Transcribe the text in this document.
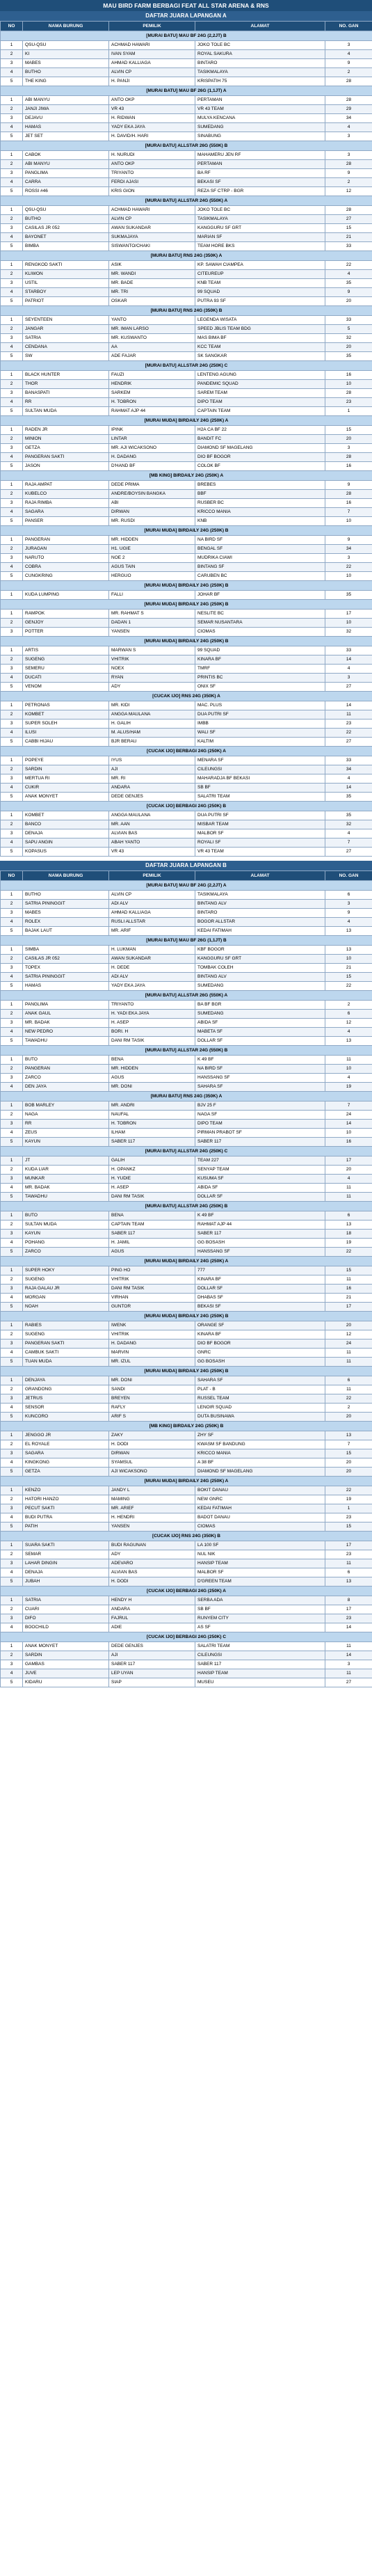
MAU BIRD FARM BERBAGI FEAT ALL STAR ARENA & RNS
DAFTAR JUARA LAPANGAN A
NO	NAMA BURUNG	PEMILIK	ALAMAT	NO. GAN
[MURAI BATU] MAU BF 24G (2,2JT) B				
1	QSU-QSU	ACHMAD HAWARI	JOKO TOLE BC	3
2	KI	IVAN SYAM	ROYAL SAKURA	4
3	MABES	AHMAD KALLIAGA	BINTARO	9
4	BUTHO	ALVIN CP	TASIKMALAYA	2
5	THE KING	H. PANJI	KRISPATIH 75	28
[MURAI BATU] MAU BF 26G (1,1JT) A				
1	ABI MANYU	ANTO OKP	PERTAMAN	28
2	JANJI JIWA	VR 43	VR 43 TEAM	29
3	DEJAVU	H. RIDWAN	MULYA KENCANA	34
4	HAMAS	YADY EKA JAYA	SUMEDANG	4
5	JET SET	H. DAVID/H. HARI	SINABUNG	3
[MURAI BATU] ALLSTAR 26G (550K) B				
1	CABOK	H. NURUDI	MAHAMERU JEN RF	3
2	ABI MANYU	ANTO OKP	PERTAMAN	28
3	PANGLIMA	TRIYANTO	BA RF	9
4	CARRA	FERDI AJASI	BEKASI SF	2
5	ROSSI #46	KRIS GION	REZA SF CTRP - BGR	12
[MURAI BATU] ALLSTAR 24G (550K) A				
1	QSU-QSU	ACHMAD HAWARI	JOKO TOLE BC	28
2	BUTHO	ALVIN CP	TASIKMALAYA	27
3	CASILAS JR 052	AWAN SUKANDAR	KANGGURU SF GRT	15
4	BAYONET	SUKMAJAYA	MARIAN SF	21
5	BIMBA	SISWANTO/CHAKI	TEAM HORE BKS	33
[MURAI BATU] RNS 24G (350K) A				
1	RENGKOD SAKTI	ASIK	KP. SAWAH CIAMPEA	22
2	KLIWON	MR. WANDI	CITEUREUP	4
3	USTIL	MR. BADE	KNB TEAM	35
4	STARBOY	MR. TRI	99 SQUAD	9
5	PATRIOT	OSKAR	PUTRA 93 SF	20
[MURAI BATU] RNS 24G (350K) B				
1	SEYENTEEN	YANTO	LEGENDA WISATA	33
2	JANGAR	MR. IMAN LARSO	SPEED JBLIS TEAM BDG	5
3	SATRIA	MR. KUSWANTO	MAS BIMA BF	32
4	CENDANA	AA	KCC TEAM	20
5	SW	ADE FAJAR	SK SANGKAR	35
[MURAI BATU] ALLSTAR 24G (250K) C				
1	BLACK HUNTER	FAUZI	LENTENG AGUNG	16
2	THOR	HENDRIK	PANDEMIC SQUAD	10
3	BANASPATI	SARKEM	SAREM TEAM	28
4	RR	H. TOBRON	DIPO TEAM	23
5	SULTAN MUDA	RAHMAT AJP 44	CAPTAIN TEAM	1
[MURAI MUDA] BIRDAILY 24G (250K) A				
1	RADEN JR	IPINK	H2A CA BF 22	15
2	MINION	LINTAR	BANDIT FC	20
3	GETZA	MR. AJI WICAKSONO	DIAMOND SF MAGELANG	3
4	PANGERAN SAKTI	H. DADANG	DIO BF BOGOR	28
5	JASON	D'HAND BF	COLOK BF	16
[MB KING] BIRDAILY 24G (250K) A				
1	RAJA AMPAT	DEDE PRIMA	BREBES	9
2	KUBELCO	ANDRE/BOYSIN BANGKA	BBF	28
3	RAJA RIMBA	ABI	RUSBER BC	16
4	SAGARA	DIRWAN	KRICCO MANIA	7
5	PANSER	MR. RUSDI	KNB	10
[MURAI MUDA] BIRDAILY 24G (250K) B				
1	PANGERAN	MR. HIDDEN	NA BIRD SF	9
2	JURAGAN	H1. UGIE	BENGAL SF	34
3	NARUTO	NOE 2	MUDRIKA CIAWI	3
4	COBRA	AGUS TAIN	BINTANG SF	22
5	CUNGKRING	HERGUO	CARUBEN BC	10
[MURAI MUDA] BIRDAILY 24G (250K) B				
1	KUDA LUMPING	FALLI	JOHAR BF	35
[MURAI MUDA] BIRDAILY 24G (250K) B				
1	RAMPOK	MR. RAHMAT S	NESLITE BC	17
2	GENJOY	DADAN 1	SEMAR NUSANTARA	10
3	POTTER	YANSEN	CIOMAS	32
[MURAI MUDA] BIRDAILY 24G (250K) B				
1	ARTIS	MARWAN S	99 SQUAD	33
2	SUGENG	VHITRIK	KINARA BF	14
3	SEMERU	NOEX	TMRF	4
4	DUCATI	RYAN	PRINTIS BC	3
5	VENOM	ADY	ONIX SF	27
[CUCAK IJO] RNS 24G (350K) A				
1	PETRONAS	MR. KIDI	MAC. PLUS	14
2	KOMBET	ANGGA MAULANA	DUA PUTRI SF	11
3	SUPER SOLEH	H. GALIH	IMBB	23
4	ILUSI	M. ALUS/HAM	WALI SF	22
5	CABBI HIJAU	BJR BERAU	KALTIM	27
[CUCAK IJO] BERBAGI 24G (250K) A				
1	POPEYE	IYUS	MENARA SF	33
2	SARDIN	AJI	CILEUNGSI	34
3	MERTUA RI	MR. RI	MAHARADJA BF BEKASI	4
4	CUKIR	ANDARA	SB BF	14
5	ANAK MONYET	DEDE GENJES	SALATRI TEAM	35
[CUCAK IJO] BERBAGI 24G (250K) B				
1	KOMBET	ANGGA MAULANA	DUA PUTRI SF	35
2	BANCO	MR. AAN	MISBAR TEAM	32
3	DENAJA	ALVIAN BAS	MALBOR SF	4
4	SAPU ANGIN	ABAH YANTO	ROYALI SF	7
5	KOPASUS	VR 43	VR 43 TEAM	27
DAFTAR JUARA LAPANGAN B
NO	NAMA BURUNG	PEMILIK	ALAMAT	NO. GAN
[MURAI BATU] MAU BF 24G (2,2JT) A				
1	BUTHO	ALVIN CP	TASIKMALAYA	6
2	SATRIA PININGGIT	ADI ALV	BINTANG ALV	3
3	MABES	AHMAD KALLIAGA	BINTARO	9
4	ROLEX	RUSLI ALLSTAR	BOGOR ALLSTAR	4
5	BAJAK LAUT	MR. ARIF	KEDAI FATIMAH	13
[MURAI BATU] MAU BF 26G (1,1JT) B				
1	SIMBA	H. LUKMAN	KBF BOGOR	13
2	CASILAS JR 052	AWAN SUKANDAR	KANGGURU SF GRT	10
3	TOPEX	H. DEDE	TOMBAK COLEH	21
4	SATRIA PININGGIT	ADI ALV	BINTANG ALV	15
5	HAMAS	YADY EKA JAYA	SUMEDANG	22
[MURAI BATU] ALLSTAR 26G (550K) A				
1	PANGLIMA	TRIYANTO	BA BF BGR	2
2	ANAK GAUL	H. YADI EKA JAYA	SUMEDANG	6
3	MR. BADAK	H. ASEP	ABIDA SF	12
4	NEW PEDRO	BORI. H	MABETA SF	4
5	TAWADHU	DANI RM TASIK	DOLLAR SF	13
[MURAI BATU] ALLSTAR 24G (550K) B				
1	BUTO	BENA	K 49 BF	11
2	PANGERAN	MR. HIDDEN	NA BIRD SF	10
3	ZARCO	AGUS	HANSSANG SF	4
4	DEN JAYA	MR. DONI	SAHARA SF	19
[MURAI BATU] RNS 24G (350K) A				
1	BOB MARLEY	MR. ANDRI	BJV 25 F	7
2	NAGA	NAUFAL	NAGA SF	24
3	RR	H. TOBRON	DIPO TEAM	14
4	ZEUS	ILHAM	PIRMAN PRABOT SF	10
5	KAYUN	SABER 117	SABER 117	16
[MURAI BATU] ALLSTAR 24G (250K) C				
1	JT	GALIH	TEAM 227	17
2	KUDA LIAR	H. OPANKZ	SENYAP TEAM	20
3	MUNKAR	H. YUDIE	KUSUMA SF	4
4	MR. BADAK	H. ASEP	ABIDA SF	11
5	TAWADHU	DANI RM TASIK	DOLLAR SF	11
[MURAI BATU] ALLSTAR 24G (250K) B				
1	BUTO	BENA	K 49 BF	6
2	SULTAN MUDA	CAPTAIN TEAM	RAHMAT AJP 44	13
3	KAYUN	SABER 117	SABER 117	18
4	POHANG	H. JAMIL	GG BOSASH	19
5	ZARCO	AGUS	HANSSANG SF	22
[MURAI MUDA] BIRDAILY 24G (250K) A				
1	SUPER HOKY	PING HO	777	15
2	SUGENG	VHITRIK	KINARA BF	11
3	RAJA GALAU JR	DANI RM TASIK	DOLLAR SF	16
4	MORGAN	VIRHAN	DHABAS SF	21
5	NOAH	GUNTOR	BEKASI SF	17
[MURAI MUDA] BIRDAILY 24G (250K) B				
1	RABIES	IWENK	ORANGE SF	20
2	SUGENG	VHITRIK	KINARA BF	12
3	PANGERAN SAKTI	H. DADANG	DIO BF BOGOR	24
4	CAMBUK SAKTI	MARVIN	GNRC	11
5	TUAN MUDA	MR. IZUL	GG BOSASH	11
[MURAI MUDA] BIRDAILY 24G (250K) B				
1	DENJAYA	MR. DONI	SAHARA SF	6
2	GRANDONG	SANDI	PLAT - B	11
3	JETRUS	BREYEN	RUSSEL TEAM	22
4	SENSOR	RAFLY	LENOIR SQUAD	2
5	KUNCORO	ARIF S	DUTA BUSINAWA	20
[MB KING] BIRDAILY 24G (250K) B				
1	JENGGO JR	ZAKY	ZHY SF	13
2	EL ROYALE	H. DODI	KWASM SF BANDUNG	7
3	SAGARA	DIRWAN	KRICCO MANIA	15
4	KINGKONG	SYAMSUL	A 38 BF	20
5	GETZA	AJI WICAKSONO	DIAMOND SF MAGELANG	20
[MURAI MUDA] BIRDAILY 24G (250K) A				
1	KENZO	JANDY L	BOKIT DANAU	22
2	HATORI HANZO	MAMING	NEW GNRC	19
3	PECUT SAKTI	MR. ARIEF	KEDAI FATIMAH	1
4	BUDI PUTRA	H. HENDRI	BADOT DANAU	23
5	PATIH	YANSEN	CIOMAS	15
[CUCAK IJO] RNS 24G (350K) B				
1	SUARA SAKTI	BUDI RAGUNAN	LA 100 SF	17
2	SEMAR	ADY	NUL NIK	23
3	LAHAR DINGIN	ADEVARO	HANSIP TEAM	11
4	DENAJA	ALVIAN BAS	MALBOR SF	6
5	JUBAH	H. DODI	D'GREEN TEAM	13
[CUCAK IJO] BERBAGI 24G (250K) A				
1	SATRIA	HENDY H	SERBA ADA	8
2	CUARI	ANDARA	SB BF	17
3	DIFO	FAJRUL	RUNYEM CITY	23
4	BOOCHILD	ADIE	AS SF	14
[CUCAK IJO] BERBAGI 24G (250K) C				
1	ANAK MONYET	DEDE GENJES	SALATRI TEAM	11
2	SARDIN	AJI	CILEUNGSI	14
3	GAMBAS	SABER 117	SABER 117	3
4	JUVE	LEP UYAN	HANSIP TEAM	11
5	KIDARU	SIAP	MUSEU	27
